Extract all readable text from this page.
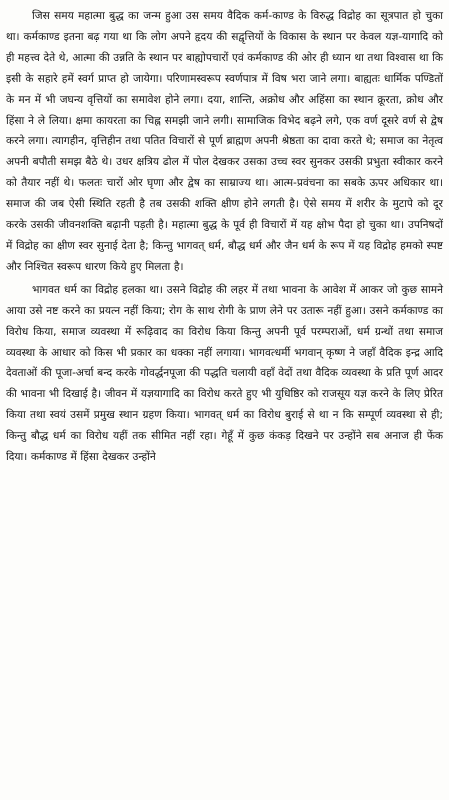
जिस समय महात्मा बुद्ध का जन्म हुआ उस समय वैदिक कर्म-काण्ड के विरुद्ध विद्रोह का सूत्रपात हो चुका था। कर्मकाण्ड इतना बढ़ गया था कि लोग अपने हृदय की सद्वृत्तियों के विकास के स्थान पर केवल यज्ञ-यागादि को ही महत्त्व देते थे, आत्मा की उन्नति के स्थान पर बाह्योपचारों एवं कर्मकाण्ड की ओर ही ध्यान था तथा विश्वास था कि इसी के सहारे हमें स्वर्ग प्राप्त हो जायेगा। परिणामस्वरूप स्वर्णपात्र में विष भरा जाने लगा। बाह्यतः धार्मिक पण्डितों के मन में भी जघन्य वृत्तियों का समावेश होने लगा। दया, शान्ति, अक्रोध और अहिंसा का स्थान क्रूरता, क्रोध और हिंसा ने ले लिया। क्षमा कायरता का चिह्न समझी जाने लगी। सामाजिक विभेद बढ़ने लगे, एक वर्ण दूसरे वर्ण से द्वेष करने लगा। त्यागहीन, वृत्तिहीन तथा पतित विचारों से पूर्ण ब्राह्मण अपनी श्रेष्ठता का दावा करते थे; समाज का नेतृत्व अपनी बपौती समझ बैठे थे। उधर क्षत्रिय ढोल में पोल देखकर उसका उच्च स्वर सुनकर उसकी प्रभुता स्वीकार करने को तैयार नहीं थे। फलतः चारों ओर घृणा और द्वेष का साम्राज्य था। आत्म-प्रवंचना का सबके ऊपर अधिकार था। समाज की जब ऐसी स्थिति रहती है तब उसकी शक्ति क्षीण होने लगती है। ऐसे समय में शरीर के मुटापे को दूर करके उसकी जीवनशक्ति बढ़ानी पड़ती है। महात्मा बुद्ध के पूर्व ही विचारों में यह क्षोभ पैदा हो चुका था। उपनिषदों में विद्रोह का क्षीण स्वर सुनाई देता है; किन्तु भागवत् धर्म, बौद्ध धर्म और जैन धर्म के रूप में यह विद्रोह हमको स्पष्ट और निश्चित स्वरूप धारण किये हुए मिलता है।

भागवत धर्म का विद्रोह हलका था। उसने विद्रोह की लहर में तथा भावना के आवेश में आकर जो कुछ सामने आया उसे नष्ट करने का प्रयत्न नहीं किया; रोग के साथ रोगी के प्राण लेने पर उतारू नहीं हुआ। उसने कर्मकाण्ड का विरोध किया, समाज व्यवस्था में रूढ़िवाद का विरोध किया किन्तु अपनी पूर्व परम्पराओं, धर्म ग्रन्थों तथा समाज व्यवस्था के आधार को किस भी प्रकार का धक्का नहीं लगाया। भागवत्धर्मी भगवान् कृष्ण ने जहाँ वैदिक इन्द्र आदि देवताओं की पूजा-अर्चा बन्द करके गोवर्द्धनपूजा की पद्धति चलायी वहाँ वेदों तथा वैदिक व्यवस्था के प्रति पूर्ण आदर की भावना भी दिखाई है। जीवन में यज्ञयागादि का विरोध करते हुए भी युधिष्ठिर को राजसूय यज्ञ करने के लिए प्रेरित किया तथा स्वयं उसमें प्रमुख स्थान ग्रहण किया। भागवत् धर्म का विरोध बुराई से था न कि सम्पूर्ण व्यवस्था से ही; किन्तु बौद्ध धर्म का विरोध यहीं तक सीमित नहीं रहा। गेहूँ में कुछ कंकड़ दिखने पर उन्होंने सब अनाज ही फेंक दिया। कर्मकाण्ड में हिंसा देखकर उन्होंने
